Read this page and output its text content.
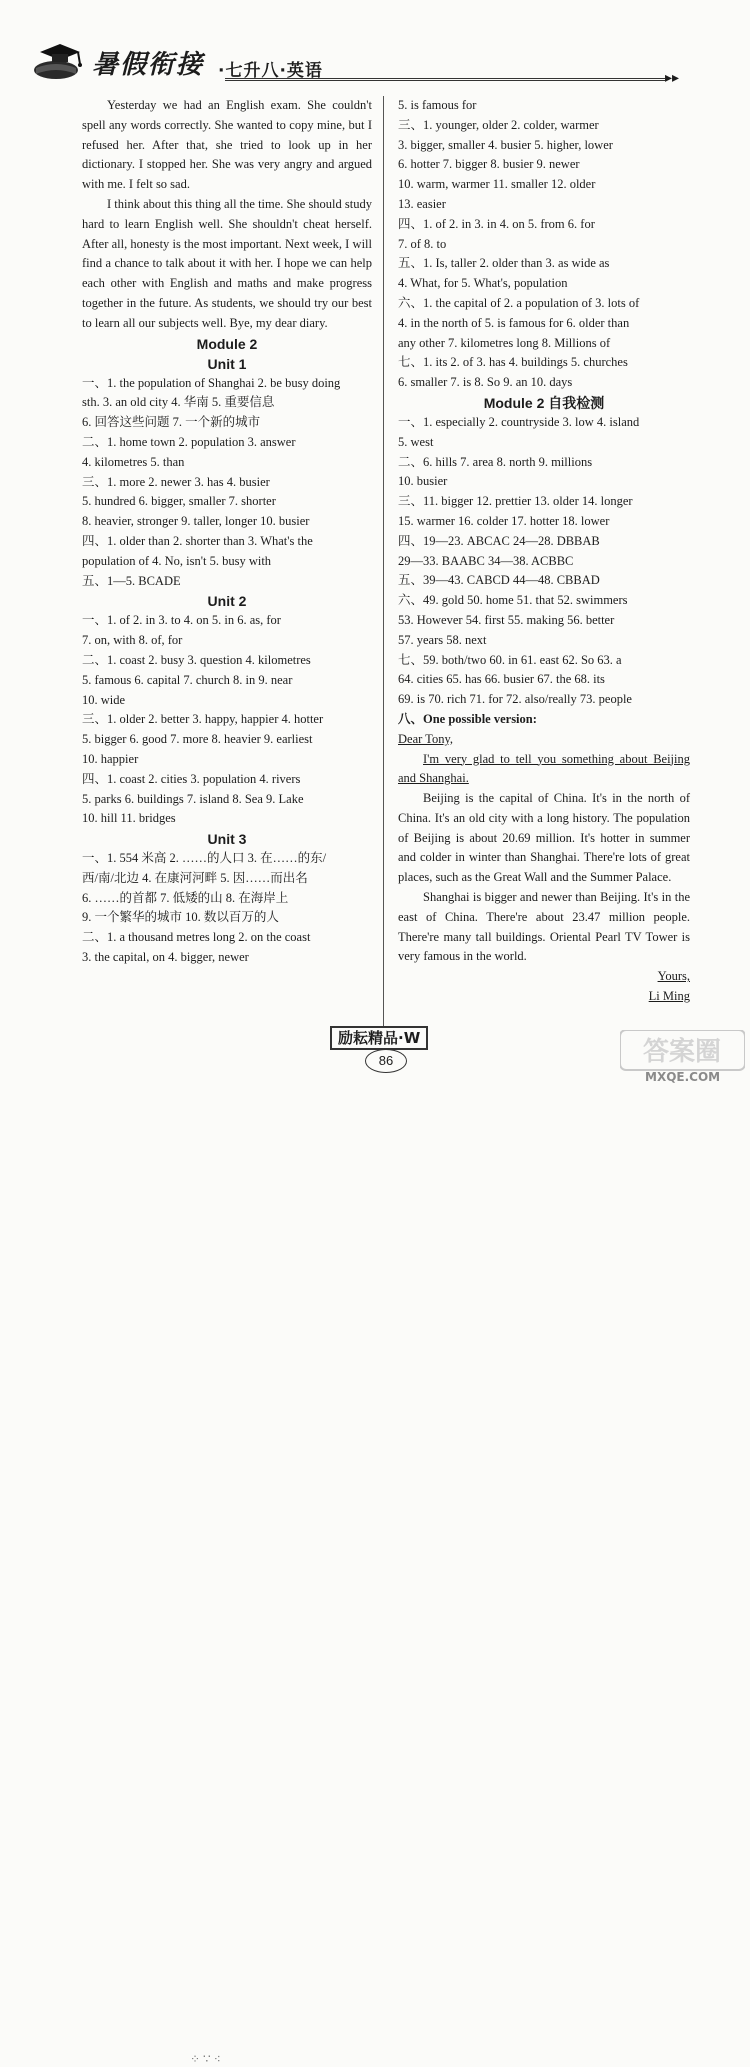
暑假衔接 ·七升八·英语	▸▸
Yesterday we had an English exam. She couldn't spell any words correctly. She wanted to copy mine, but I refused her. After that, she tried to look up in her dictionary. I stopped her. She was very angry and argued with me. I felt so sad.
I think about this thing all the time. She should study hard to learn English well. She shouldn't cheat herself. After all, honesty is the most important. Next week, I will find a chance to talk about it with her. I hope we can help each other with English and maths and make progress together in the future. As students, we should try our best to learn all our subjects well. Bye, my dear diary.
Module 2
Unit 1
一、1. the population of Shanghai 2. be busy doing
sth. 3. an old city 4. 华南 5. 重要信息
6. 回答这些问题 7. 一个新的城市
二、1. home town 2. population 3. answer
4. kilometres 5. than
三、1. more 2. newer 3. has 4. busier
5. hundred 6. bigger, smaller 7. shorter
8. heavier, stronger 9. taller, longer 10. busier
四、1. older than 2. shorter than 3. What's the
population of 4. No, isn't 5. busy with
五、1—5. BCADE
Unit 2
一、1. of 2. in 3. to 4. on 5. in 6. as, for
7. on, with 8. of, for
二、1. coast 2. busy 3. question 4. kilometres
5. famous 6. capital 7. church 8. in 9. near
10. wide
三、1. older 2. better 3. happy, happier 4. hotter
5. bigger 6. good 7. more 8. heavier 9. earliest
10. happier
四、1. coast 2. cities 3. population 4. rivers
5. parks 6. buildings 7. island 8. Sea 9. Lake
10. hill 11. bridges
Unit 3
一、1. 554 米高 2. ……的人口 3. 在……的东/
西/南/北边 4. 在康河河畔 5. 因……而出名
6. ……的首都 7. 低矮的山 8. 在海岸上
9. 一个繁华的城市 10. 数以百万的人
二、1. a thousand metres long 2. on the coast
3. the capital, on 4. bigger, newer
5. is famous for
三、1. younger, older 2. colder, warmer
3. bigger, smaller 4. busier 5. higher, lower
6. hotter 7. bigger 8. busier 9. newer
10. warm, warmer 11. smaller 12. older
13. easier
四、1. of 2. in 3. in 4. on 5. from 6. for
7. of 8. to
五、1. Is, taller 2. older than 3. as wide as
4. What, for 5. What's, population
六、1. the capital of 2. a population of 3. lots of
4. in the north of 5. is famous for 6. older than
any other 7. kilometres long 8. Millions of
七、1. its 2. of 3. has 4. buildings 5. churches
6. smaller 7. is 8. So 9. an 10. days
Module 2 自我检测
一、1. especially 2. countryside 3. low 4. island
5. west
二、6. hills 7. area 8. north 9. millions
10. busier
三、11. bigger 12. prettier 13. older 14. longer
15. warmer 16. colder 17. hotter 18. lower
四、19—23. ABCAC 24—28. DBBAB
29—33. BAABC 34—38. ACBBC
五、39—43. CABCD 44—48. CBBAD
六、49. gold 50. home 51. that 52. swimmers
53. However 54. first 55. making 56. better
57. years 58. next
七、59. both/two 60. in 61. east 62. So 63. a
64. cities 65. has 66. busier 67. the 68. its
69. is 70. rich 71. for 72. also/really 73. people
八、One possible version:
Dear Tony,
I'm very glad to tell you something about Beijing and Shanghai.
Beijing is the capital of China. It's in the north of China. It's an old city with a long history. The population of Beijing is about 20.69 million. It's hotter in summer and colder in winter than Shanghai. There're lots of great places, such as the Great Wall and the Summer Palace.
Shanghai is bigger and newer than Beijing. It's in the east of China. There're about 23.47 million people. There're many tall buildings. Oriental Pearl TV Tower is very famous in the world.
Yours,
Li Ming
⁘ ∵ ⁖
励耘精品·W
86	答案圈
MXQE.COM
